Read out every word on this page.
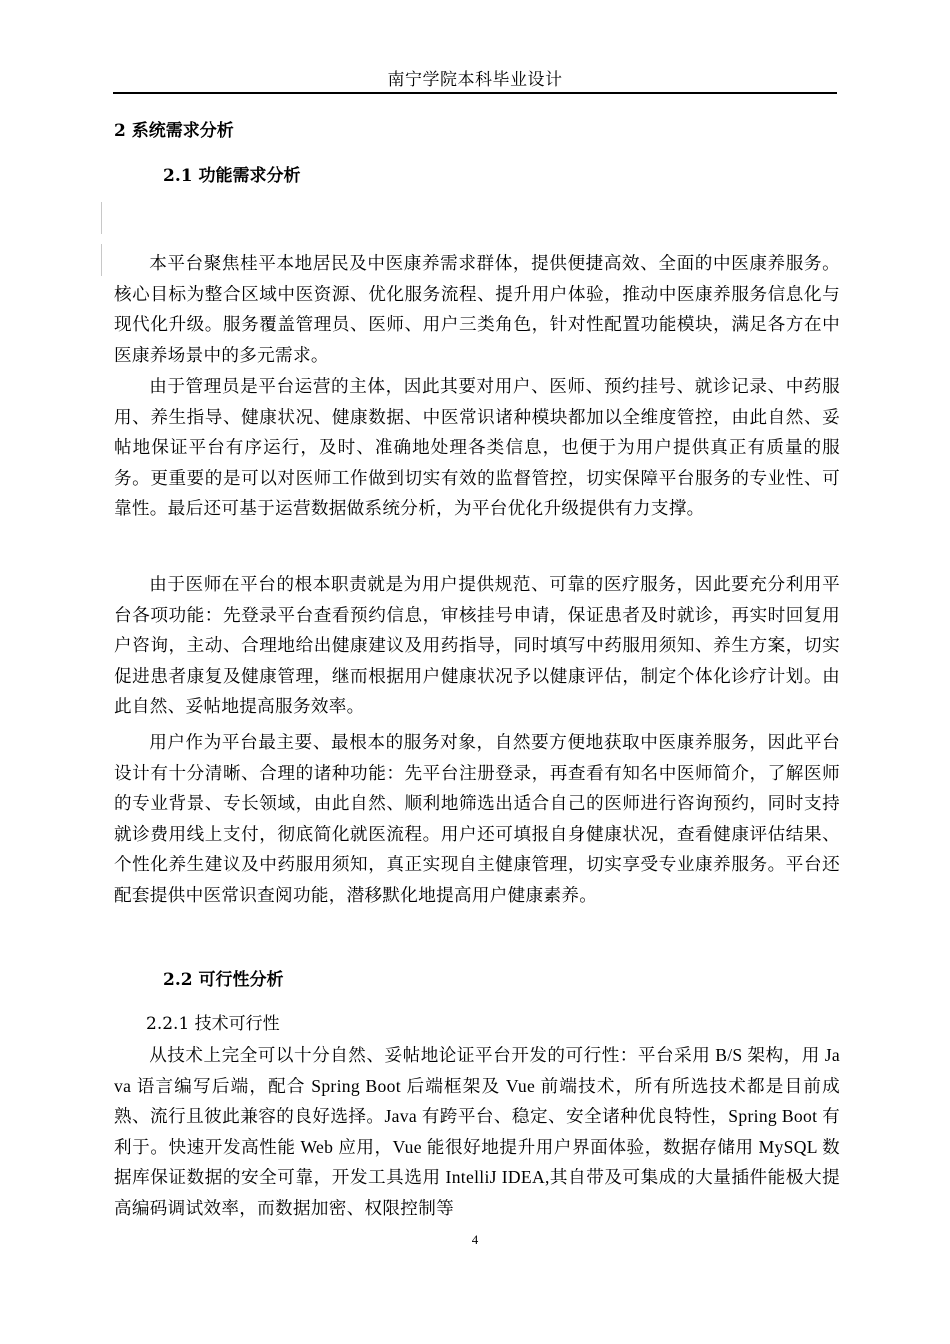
南宁学院本科毕业设计
2 系统需求分析
2.1 功能需求分析

本平台聚焦桂平本地居民及中医康养需求群体，提供便捷高效、全面的中医康养服务。核心目标为整合区域中医资源、优化服务流程、提升用户体验，推动中医康养服务信息化与现代化升级。服务覆盖管理员、医师、用户三类角色，针对性配置功能模块，满足各方在中医康养场景中的多元需求。

由于管理员是平台运营的主体，因此其要对用户、医师、预约挂号、就诊记录、中药服用、养生指导、健康状况、健康数据、中医常识诸种模块都加以全维度管控，由此自然、妥帖地保证平台有序运行，及时、准确地处理各类信息，也便于为用户提供真正有质量的服务。更重要的是可以对医师工作做到切实有效的监督管控，切实保障平台服务的专业性、可靠性。最后还可基于运营数据做系统分析，为平台优化升级提供有力支撑。

由于医师在平台的根本职责就是为用户提供规范、可靠的医疗服务，因此要充分利用平台各项功能：先登录平台查看预约信息，审核挂号申请，保证患者及时就诊，再实时回复用户咨询，主动、合理地给出健康建议及用药指导，同时填写中药服用须知、养生方案，切实促进患者康复及健康管理，继而根据用户健康状况予以健康评估，制定个体化诊疗计划。由此自然、妥帖地提高服务效率。

用户作为平台最主要、最根本的服务对象，自然要方便地获取中医康养服务，因此平台设计有十分清晰、合理的诸种功能：先平台注册登录，再查看有知名中医师简介，了解医师的专业背景、专长领域，由此自然、顺利地筛选出适合自己的医师进行咨询预约，同时支持就诊费用线上支付，彻底简化就医流程。用户还可填报自身健康状况，查看健康评估结果、个性化养生建议及中药服用须知，真正实现自主健康管理，切实享受专业康养服务。平台还配套提供中医常识查阅功能，潜移默化地提高用户健康素养。

2.2 可行性分析
2.2.1 技术可行性

从技术上完全可以十分自然、妥帖地论证平台开发的可行性：平台采用 B/S 架构，用 Java 语言编写后端，配合 Spring Boot 后端框架及 Vue 前端技术，所有所选技术都是目前成熟、流行且彼此兼容的良好选择。Java 有跨平台、稳定、安全诸种优良特性，Spring Boot 有利于。快速开发高性能 Web 应用，Vue 能很好地提升用户界面体验，数据存储用 MySQL 数据库保证数据的安全可靠，开发工具选用 IntelliJ IDEA,其自带及可集成的大量插件能极大提高编码调试效率，而数据加密、权限控制等

4
